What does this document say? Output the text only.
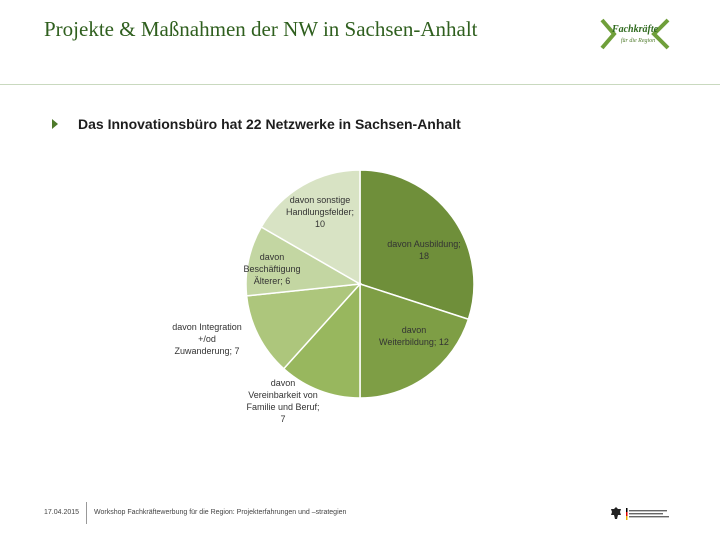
Projekte & Maßnahmen der NW in Sachsen-Anhalt	Fachkräfte
für die Region
Das Innovationsbüro hat 22 Netzwerke in Sachsen-Anhalt
davon Ausbildung; 18
davon Weiterbildung; 12
davon Vereinbarkeit von Familie und Beruf; 7
davon Integration +/od Zuwanderung; 7
davon Beschäftigung Älterer; 6
davon sonstige Handlungsfelder; 10
17.04.2015 Workshop Fachkräftewerbung für die Region: Projekterfahrungen und –strategien
